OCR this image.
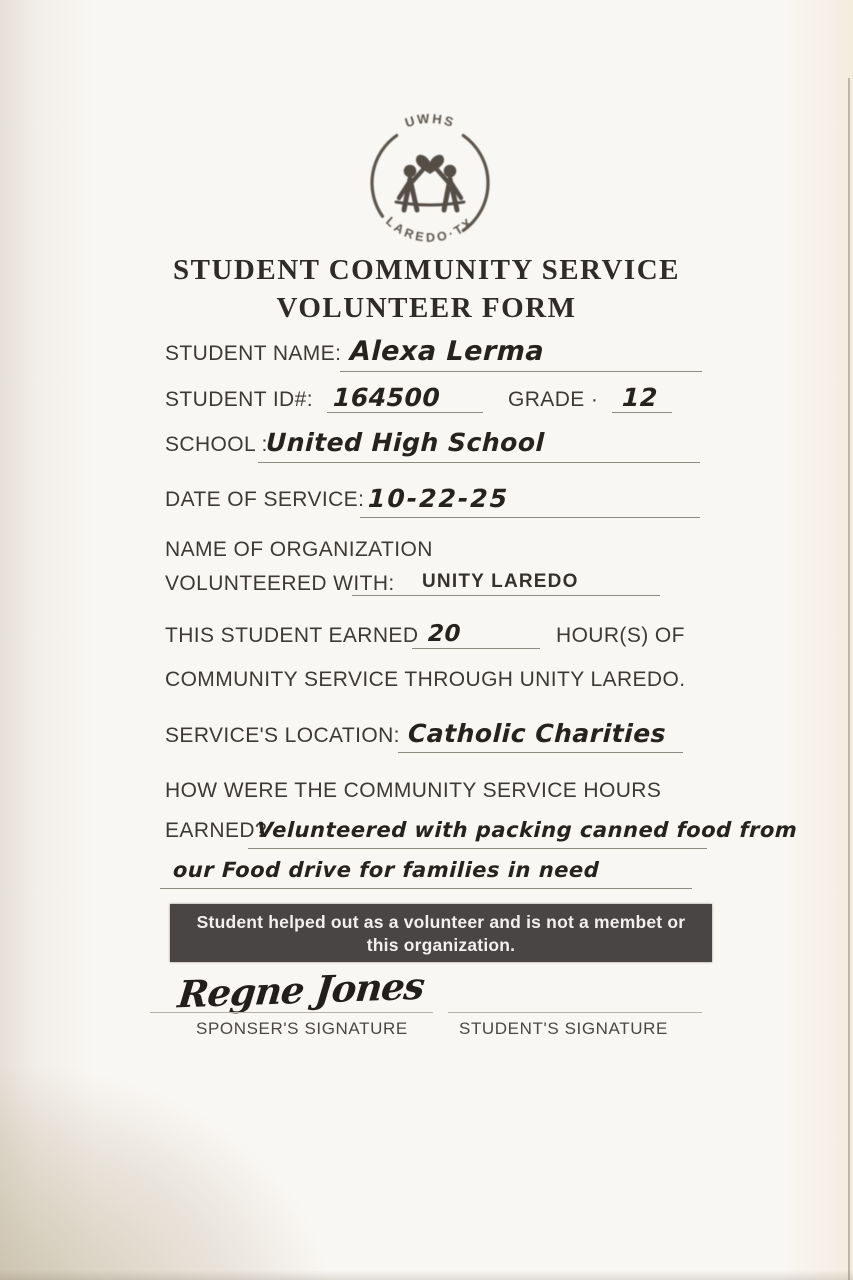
UWHS
LAREDO·TX
STUDENT COMMUNITY SERVICE
VOLUNTEER FORM
STUDENT NAME: Alexa Lerma
STUDENT ID#: 164500	GRADE · 12
SCHOOL :
United High School
DATE OF SERVICE: 10-22-25
NAME OF ORGANIZATION
VOLUNTEERED WITH: UNITY LAREDO
THIS STUDENT EARNED 20	HOUR(S) OF
COMMUNITY SERVICE THROUGH UNITY LAREDO.
SERVICE'S LOCATION: Catholic Charities
HOW WERE THE COMMUNITY SERVICE HOURS
EARNED?
Velunteered with packing canned food from
our Food drive for families in need
Student helped out as a volunteer and is not a membet or
this organization.
Regne Jones
SPONSER'S SIGNATURE	STUDENT'S SIGNATURE
